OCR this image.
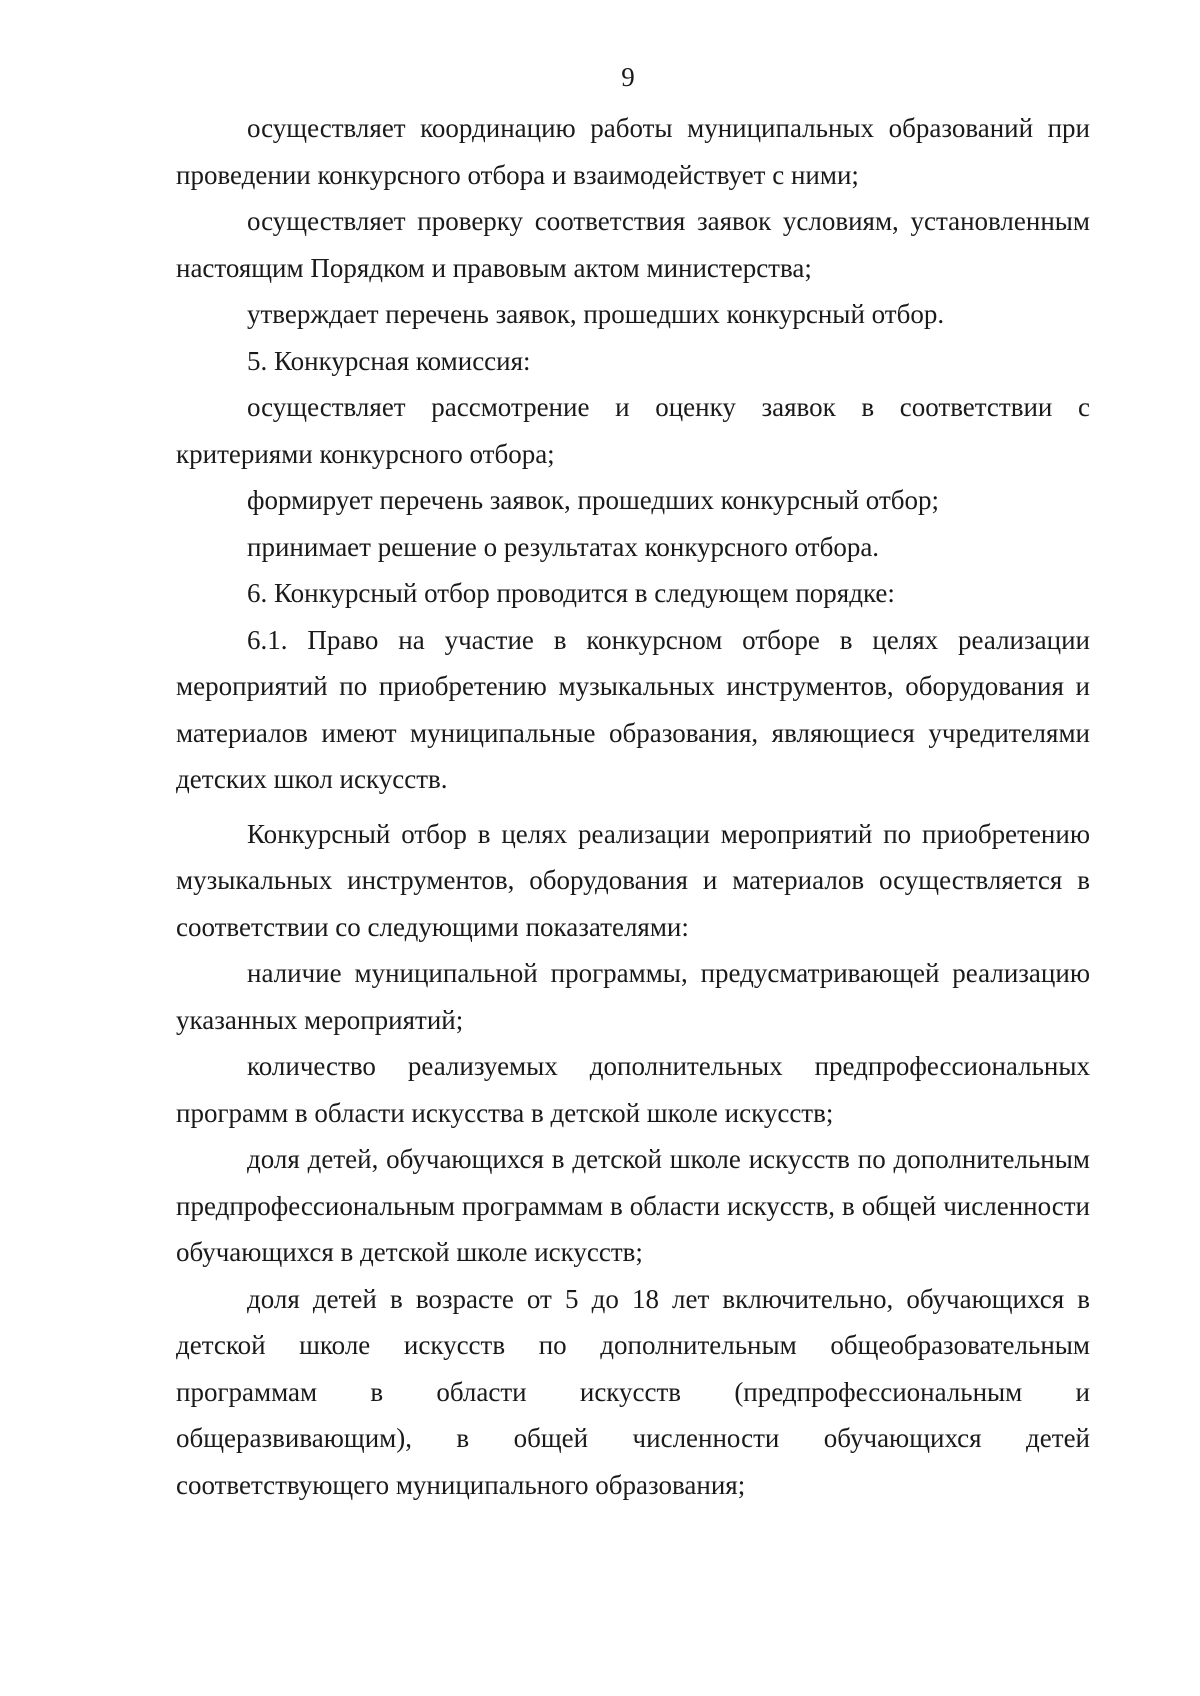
9

осуществляет координацию работы муниципальных образований при проведении конкурсного отбора и взаимодействует с ними;

осуществляет проверку соответствия заявок условиям, установленным настоящим Порядком и правовым актом министерства;

утверждает перечень заявок, прошедших конкурсный отбор.

5. Конкурсная комиссия:

осуществляет рассмотрение и оценку заявок в соответствии с критериями конкурсного отбора;

формирует перечень заявок, прошедших конкурсный отбор;

принимает решение о результатах конкурсного отбора.

6. Конкурсный отбор проводится в следующем порядке:

6.1. Право на участие в конкурсном отборе в целях реализации мероприятий по приобретению музыкальных инструментов, оборудования и материалов имеют муниципальные образования, являющиеся учредителями детских школ искусств.

Конкурсный отбор в целях реализации мероприятий по приобретению музыкальных инструментов, оборудования и материалов осуществляется в соответствии со следующими показателями:

наличие муниципальной программы, предусматривающей реализацию указанных мероприятий;

количество реализуемых дополнительных предпрофессиональных программ в области искусства в детской школе искусств;

доля детей, обучающихся в детской школе искусств по дополнительным предпрофессиональным программам в области искусств, в общей численности обучающихся в детской школе искусств;

доля детей в возрасте от 5 до 18 лет включительно, обучающихся в детской школе искусств по дополнительным общеобразовательным программам в области искусств (предпрофессиональным и общеразвивающим), в общей численности обучающихся детей соответствующего муниципального образования;
